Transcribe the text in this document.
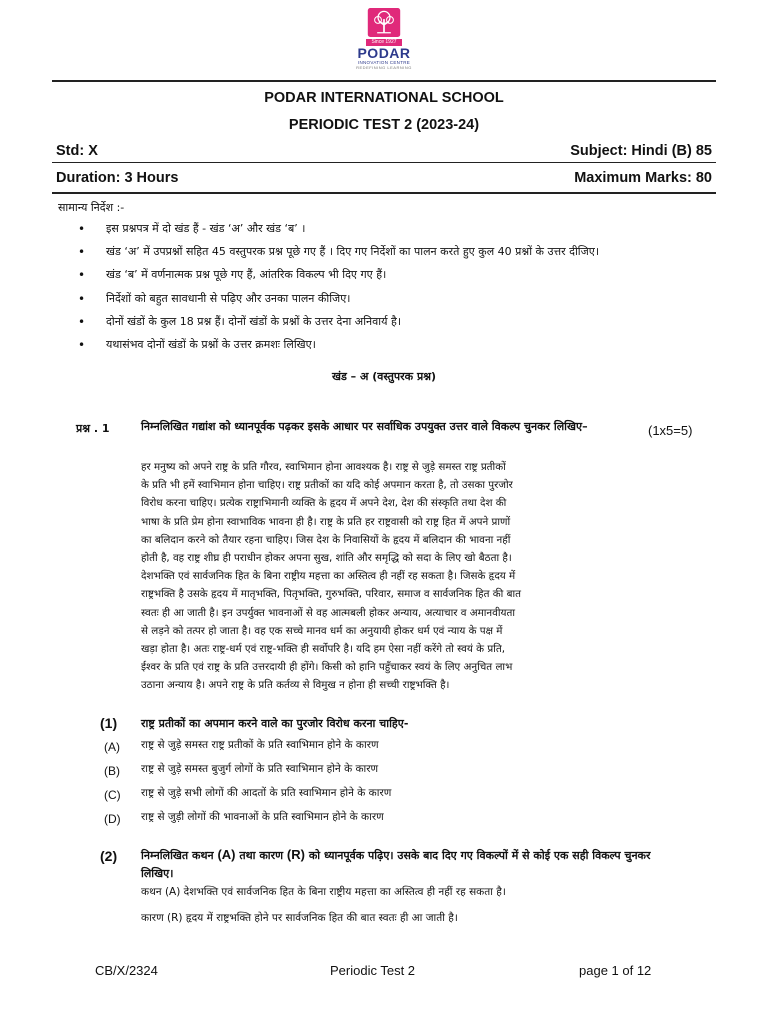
Since 1927
PODAR
INNOVATION CENTRE
REDEFINING LEARNING
PODAR INTERNATIONAL SCHOOL
PERIODIC TEST 2 (2023-24)
Std: X	Subject: Hindi (B) 85
Duration: 3 Hours	Maximum Marks: 80
सामान्य निर्देश :-
• इस प्रश्नपत्र में दो खंड हैं - खंड ‘अ’ और खंड ‘ब’ ।
• खंड ‘अ’ में उपप्रश्नों सहित 45 वस्तुपरक प्रश्न पूछे गए हैं । दिए गए निर्देशों का पालन करते हुए कुल 40 प्रश्नों के उत्तर दीजिए।
• खंड ‘ब’ में वर्णनात्मक प्रश्न पूछे गए हैं, आंतरिक विकल्प भी दिए गए हैं।
• निर्देशों को बहुत सावधानी से पढ़िए और उनका पालन कीजिए।
• दोनों खंडों के कुल 18 प्रश्न हैं। दोनों खंडों के प्रश्नों के उत्तर देना अनिवार्य है।
• यथासंभव दोनों खंडों के प्रश्नों के उत्तर क्रमशः लिखिए।
खंड – अ (वस्तुपरक प्रश्न)
प्रश्न . 1	निम्नलिखित गद्यांश को ध्यानपूर्वक पढ़कर इसके आधार पर सर्वाधिक उपयुक्त उत्तर वाले विकल्प चुनकर लिखिए–	(1x5=5)
हर मनुष्य को अपने राष्ट्र के प्रति गौरव, स्वाभिमान होना आवश्यक है। राष्ट्र से जुड़े समस्त राष्ट्र प्रतीकों
के प्रति भी हमें स्वाभिमान होना चाहिए। राष्ट्र प्रतीकों का यदि कोई अपमान करता है, तो उसका पुरजोर
विरोध करना चाहिए। प्रत्येक राष्ट्राभिमानी व्यक्ति के हृदय में अपने देश, देश की संस्कृति तथा देश की
भाषा के प्रति प्रेम होना स्वाभाविक भावना ही है। राष्ट्र के प्रति हर राष्ट्रवासी को राष्ट्र हित में अपने प्राणों
का बलिदान करने को तैयार रहना चाहिए। जिस देश के निवासियों के हृदय में बलिदान की भावना नहीं
होती है, वह राष्ट्र शीघ्र ही पराधीन होकर अपना सुख, शांति और समृद्धि को सदा के लिए खो बैठता है।
देशभक्ति एवं सार्वजनिक हित के बिना राष्ट्रीय महत्ता का अस्तित्व ही नहीं रह सकता है। जिसके हृदय में
राष्ट्रभक्ति है उसके हृदय में मातृभक्ति, पितृभक्ति, गुरुभक्ति, परिवार, समाज व सार्वजनिक हित की बात
स्वतः ही आ जाती है। इन उपर्युक्त भावनाओं से वह आत्मबली होकर अन्याय, अत्याचार व अमानवीयता
से लड़ने को तत्पर हो जाता है। वह एक सच्चे मानव धर्म का अनुयायी होकर धर्म एवं न्याय के पक्ष में
खड़ा होता है। अतः राष्ट्र-धर्म एवं राष्ट्र-भक्ति ही सर्वोपरि है। यदि हम ऐसा नहीं करेंगे तो स्वयं के प्रति,
ईश्वर के प्रति एवं राष्ट्र के प्रति उत्तरदायी ही होंगे। किसी को हानि पहुँचाकर स्वयं के लिए अनुचित लाभ
उठाना अन्याय है। अपने राष्ट्र के प्रति कर्तव्य से विमुख न होना ही सच्ची राष्ट्रभक्ति है।
(1) राष्ट्र प्रतीकों का अपमान करने वाले का पुरजोर विरोध करना चाहिए-
(A) राष्ट्र से जुड़े समस्त राष्ट्र प्रतीकों के प्रति स्वाभिमान होने के कारण
(B) राष्ट्र से जुड़े समस्त बुजुर्ग लोगों के प्रति स्वाभिमान होने के कारण
(C) राष्ट्र से जुड़े सभी लोगों की आदतों के प्रति स्वाभिमान होने के कारण
(D) राष्ट्र से जुड़ी लोगों की भावनाओं के प्रति स्वाभिमान होने के कारण
(2) निम्नलिखित कथन (A) तथा कारण (R) को ध्यानपूर्वक पढ़िए। उसके बाद दिए गए विकल्पों में से कोई एक सही विकल्प चुनकर लिखिए।
कथन (A) देशभक्ति एवं सार्वजनिक हित के बिना राष्ट्रीय महत्ता का अस्तित्व ही नहीं रह सकता है।
कारण (R) हृदय में राष्ट्रभक्ति होने पर सार्वजनिक हित की बात स्वतः ही आ जाती है।
CB/X/2324	Periodic Test 2	page 1 of 12
